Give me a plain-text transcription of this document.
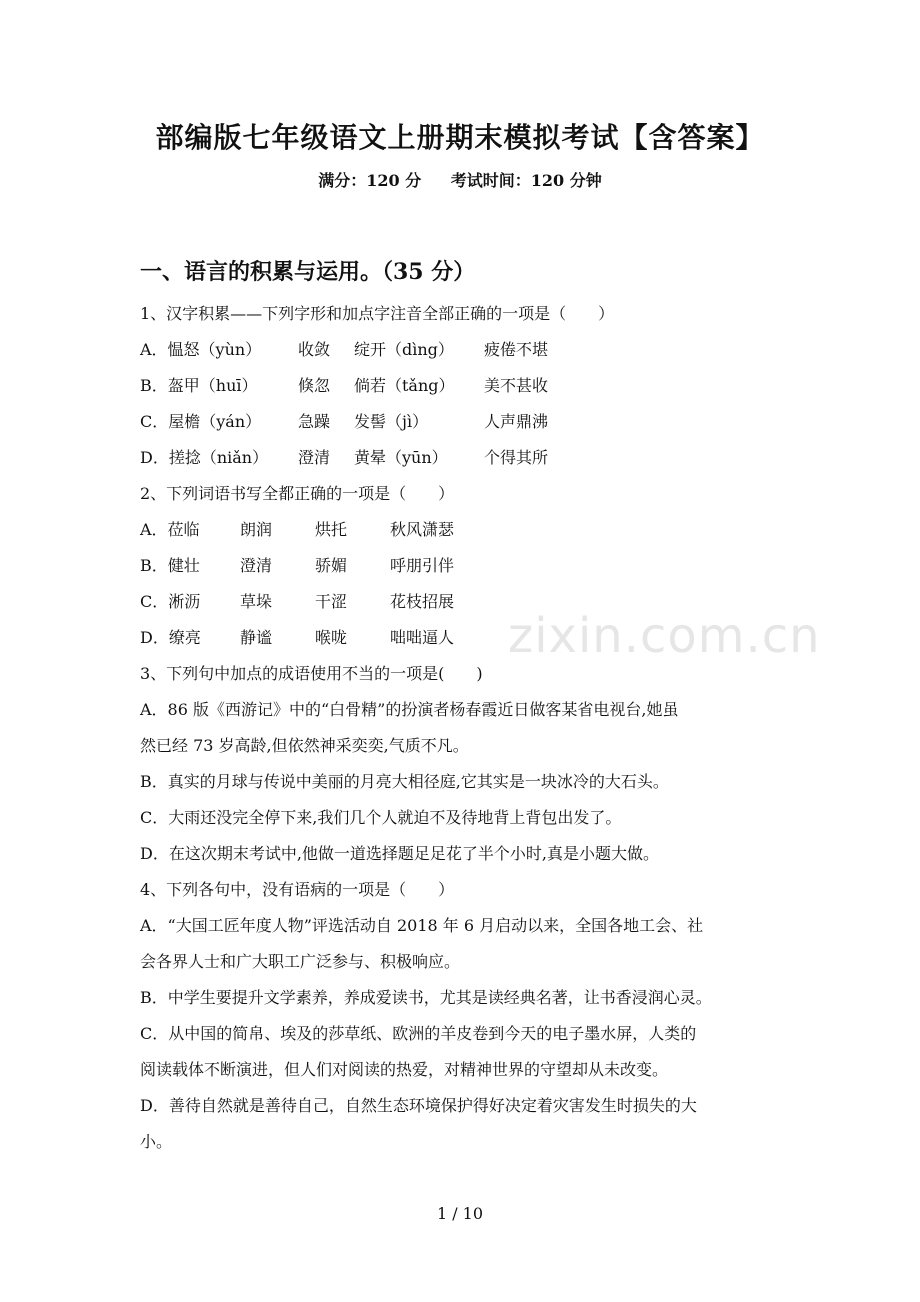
部编版七年级语文上册期末模拟考试【含答案】
满分：120 分 考试时间：120 分钟
一、语言的积累与运用。（35 分）
zixin.com.cn
1、汉字积累——下列字形和加点字注音全部正确的一项是（　　）
A．愠怒（yùn） 收敛 绽开（dìng） 疲倦不堪
B．盔甲（huī）	倏忽 倘若（tǎng） 美不甚收
C．屋檐（yán） 急躁 发髻（jì）	人声鼎沸
D．搓捻（niǎn） 澄清 黄晕（yūn） 个得其所
2、下列词语书写全都正确的一项是（　　）
A．莅临	朗润	烘托	秋风潇瑟
B．健壮	澄清	骄媚	呼朋引伴
C．淅沥 草垛	干涩	花枝招展
D．缭亮 静谧	喉咙	咄咄逼人
3、下列句中加点的成语使用不当的一项是(　　)
A．86 版《西游记》中的“白骨精”的扮演者杨春霞近日做客某省电视台,她虽
然已经 73 岁高龄,但依然神采奕奕,气质不凡。
B．真实的月球与传说中美丽的月亮大相径庭,它其实是一块冰冷的大石头。
C．大雨还没完全停下来,我们几个人就迫不及待地背上背包出发了。
D．在这次期末考试中,他做一道选择题足足花了半个小时,真是小题大做。
4、下列各句中，没有语病的一项是（　　）
A．“大国工匠年度人物”评选活动自 2018 年 6 月启动以来，全国各地工会、社
会各界人士和广大职工广泛参与、积极响应。
B．中学生要提升文学素养，养成爱读书，尤其是读经典名著，让书香浸润心灵。
C．从中国的简帛、埃及的莎草纸、欧洲的羊皮卷到今天的电子墨水屏，人类的
阅读载体不断演进，但人们对阅读的热爱，对精神世界的守望却从未改变。
D．善待自然就是善待自己，自然生态环境保护得好决定着灾害发生时损失的大
小。
1 / 10
